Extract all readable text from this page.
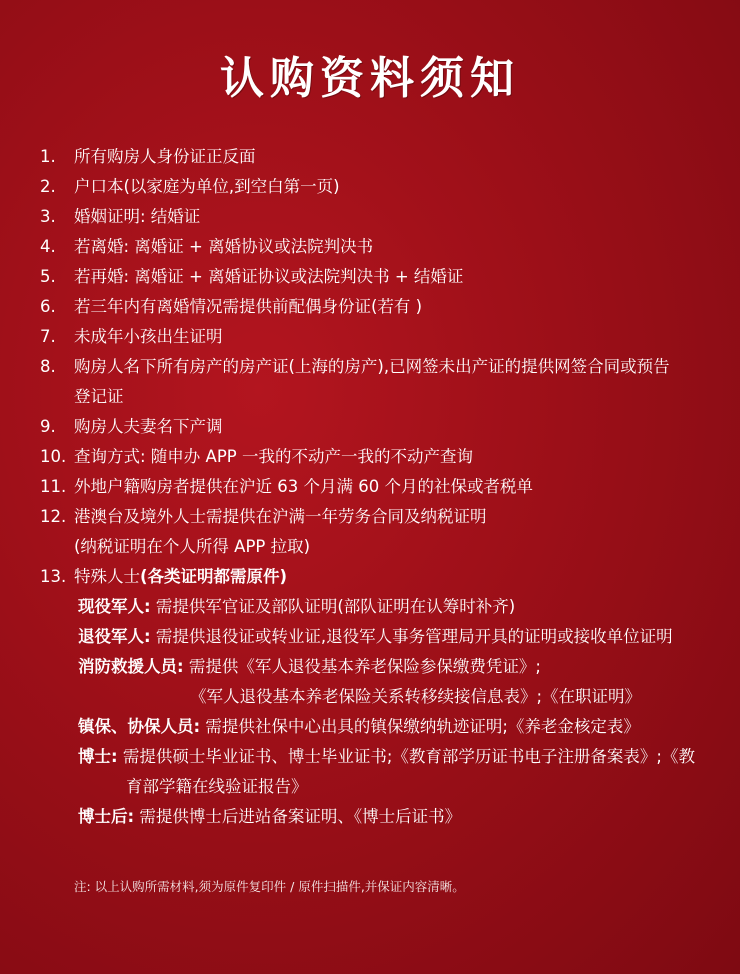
认购资料须知
1.	所有购房人身份证正反面
2.	户口本(以家庭为单位,到空白第一页)
3.	婚姻证明: 结婚证
4.	若离婚: 离婚证 + 离婚协议或法院判决书
5.	若再婚: 离婚证 + 离婚证协议或法院判决书 + 结婚证
6.	若三年内有离婚情况需提供前配偶身份证(若有 )
7.	未成年小孩出生证明
8.	购房人名下所有房产的房产证(上海的房产),已网签未出产证的提供网签合同或预告
登记证
9.	购房人夫妻名下产调
10. 查询方式: 随申办 APP 一我的不动产一我的不动产查询
11. 外地户籍购房者提供在沪近 63 个月满 60 个月的社保或者税单
12. 港澳台及境外人士需提供在沪满一年劳务合同及纳税证明
(纳税证明在个人所得 APP 拉取)
13. 特殊人士(各类证明都需原件)
现役军人: 需提供军官证及部队证明(部队证明在认筹时补齐)
退役军人: 需提供退役证或转业证,退役军人事务管理局开具的证明或接收单位证明
消防救援人员: 需提供《军人退役基本养老保险参保缴费凭证》;
《军人退役基本养老保险关系转移续接信息表》;《在职证明》
镇保、协保人员: 需提供社保中心出具的镇保缴纳轨迹证明;《养老金核定表》
博士: 需提供硕士毕业证书、博士毕业证书;《教育部学历证书电子注册备案表》;《教
育部学籍在线验证报告》
博士后: 需提供博士后进站备案证明、《博士后证书》
注: 以上认购所需材料,须为原件复印件 / 原件扫描件,并保证内容清晰。
